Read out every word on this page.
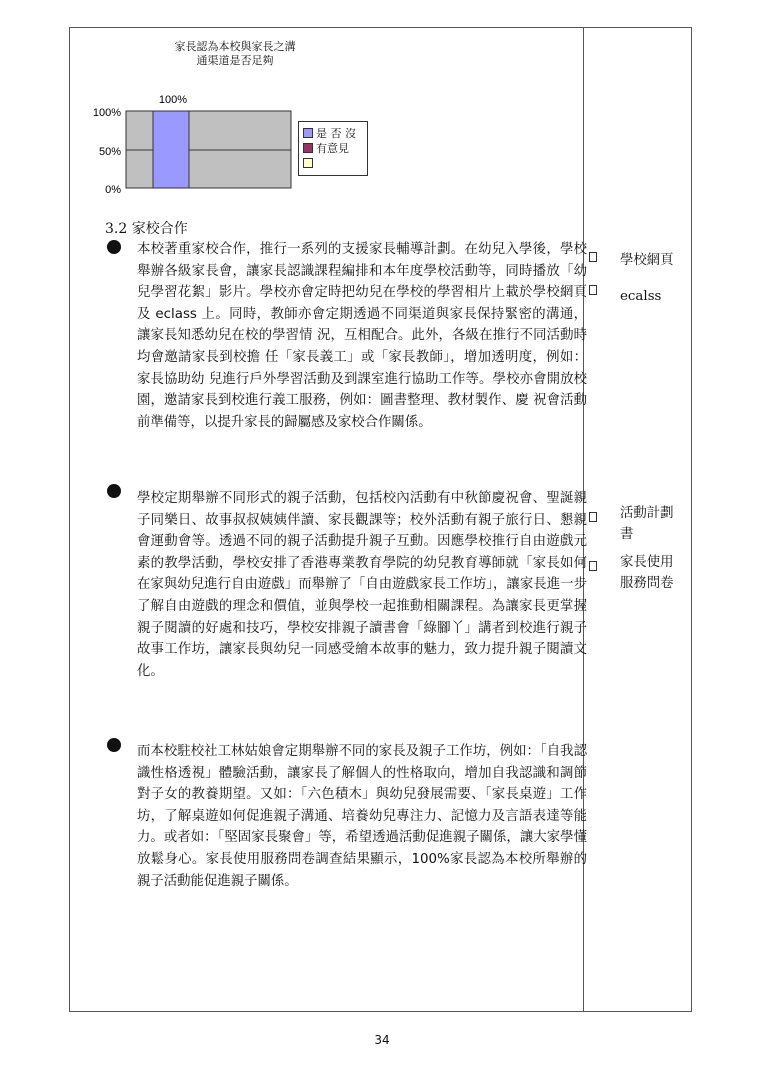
家長認為本校與家長之溝
通渠道是否足夠
100%
50%
0%
100%
是 否 沒
有意見
3.2 家校合作
本校著重家校合作，推行一系列的支援家長輔導計劃。在幼兒入學後，學校舉辦各級家長會，讓家長認識課程編排和本年度學校活動等，同時播放「幼兒學習花絮」影片。學校亦會定時把幼兒在學校的學習相片上載於學校網頁及 eclass 上。同時，教師亦會定期透過不同渠道與家長保持緊密的溝通，讓家長知悉幼兒在校的學習情 況，互相配合。此外，各級在推行不同活動時均會邀請家長到校擔 任「家長義工」或「家長教師」，增加透明度，例如：家長協助幼 兒進行戶外學習活動及到課室進行協助工作等。學校亦會開放校 園，邀請家長到校進行義工服務，例如：圖書整理、教材製作、慶 祝會活動前準備等，以提升家長的歸屬感及家校合作關係。
學校定期舉辦不同形式的親子活動，包括校內活動有中秋節慶祝會、聖誕親子同樂日、故事叔叔姨姨伴讀、家長觀課等；校外活動有親子旅行日、懇親會運動會等。透過不同的親子活動提升親子互動。因應學校推行自由遊戲元素的教學活動，學校安排了香港專業教育學院的幼兒教育導師就「家長如何在家與幼兒進行自由遊戲」而舉辦了「自由遊戲家長工作坊」，讓家長進一步了解自由遊戲的理念和價值，並與學校一起推動相關課程。為讓家長更掌握親子閱讀的好處和技巧，學校安排親子讀書會「綠腳丫」講者到校進行親子故事工作坊，讓家長與幼兒一同感受繪本故事的魅力，致力提升親子閱讀文化。
而本校駐校社工林姑娘會定期舉辦不同的家長及親子工作坊，例如：「自我認識性格透視」體驗活動，讓家長了解個人的性格取向，增加自我認識和調節對子女的教養期望。又如：「六色積木」與幼兒發展需要、「家長桌遊」工作坊，了解桌遊如何促進親子溝通、培養幼兒專注力、記憶力及言語表達等能力。或者如：「堅固家長聚會」等，希望透過活動促進親子關係，讓大家學懂放鬆身心。家長使用服務問卷調查結果顯示，100%家長認為本校所舉辦的親子活動能促進親子關係。
學校網頁
ecalss
活動計劃
書
家長使用
服務問卷
34
